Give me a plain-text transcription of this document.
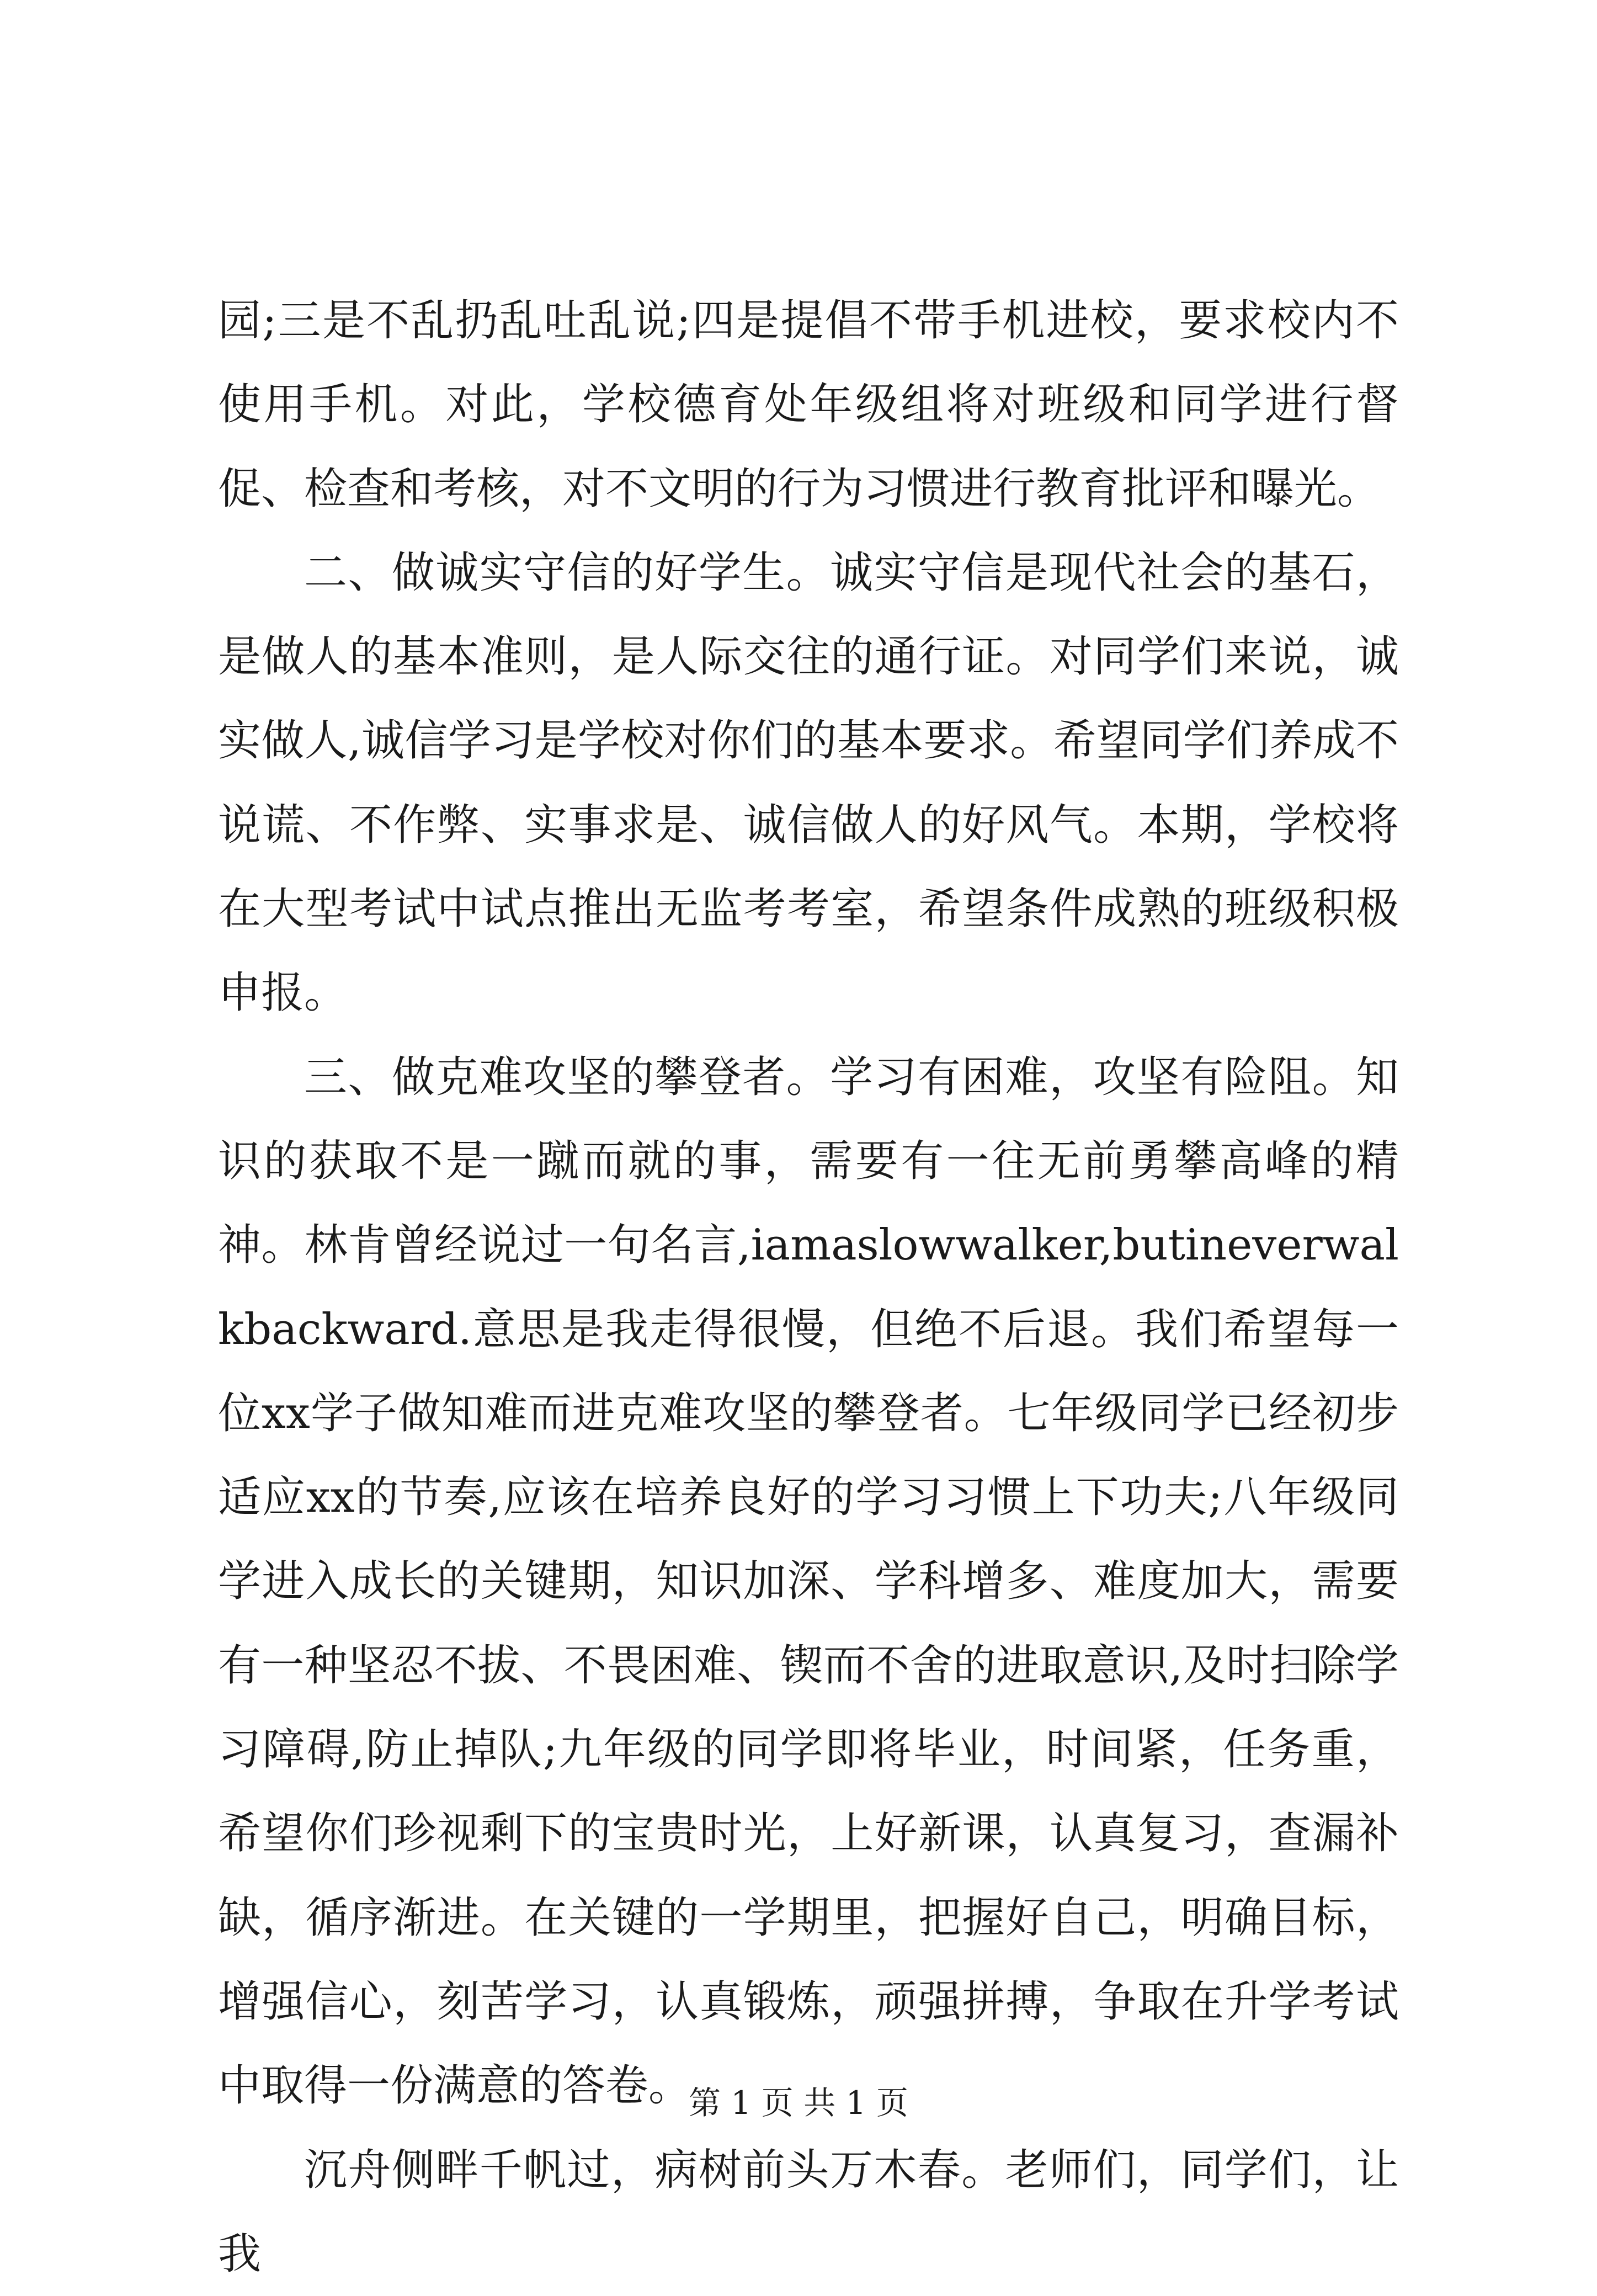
园;三是不乱扔乱吐乱说;四是提倡不带手机进校，要求校内不使用手机。对此，学校德育处年级组将对班级和同学进行督促、检查和考核，对不文明的行为习惯进行教育批评和曝光。

二、做诚实守信的好学生。诚实守信是现代社会的基石，是做人的基本准则，是人际交往的通行证。对同学们来说，诚实做人,诚信学习是学校对你们的基本要求。希望同学们养成不说谎、不作弊、实事求是、诚信做人的好风气。本期，学校将在大型考试中试点推出无监考考室，希望条件成熟的班级积极申报。

三、做克难攻坚的攀登者。学习有困难，攻坚有险阻。知识的获取不是一蹴而就的事，需要有一往无前勇攀高峰的精神。林肯曾经说过一句名言,iamaslowwalker,butineverwalkbackward.意思是我走得很慢，但绝不后退。我们希望每一位xx学子做知难而进克难攻坚的攀登者。七年级同学已经初步适应xx的节奏,应该在培养良好的学习习惯上下功夫;八年级同学进入成长的关键期，知识加深、学科增多、难度加大，需要有一种坚忍不拔、不畏困难、锲而不舍的进取意识,及时扫除学习障碍,防止掉队;九年级的同学即将毕业，时间紧，任务重，希望你们珍视剩下的宝贵时光，上好新课，认真复习，查漏补缺，循序渐进。在关键的一学期里，把握好自己，明确目标，增强信心，刻苦学习，认真锻炼，顽强拼搏，争取在升学考试中取得一份满意的答卷。

沉舟侧畔千帆过，病树前头万木春。老师们，同学们，让我

第 1 页 共 1 页
